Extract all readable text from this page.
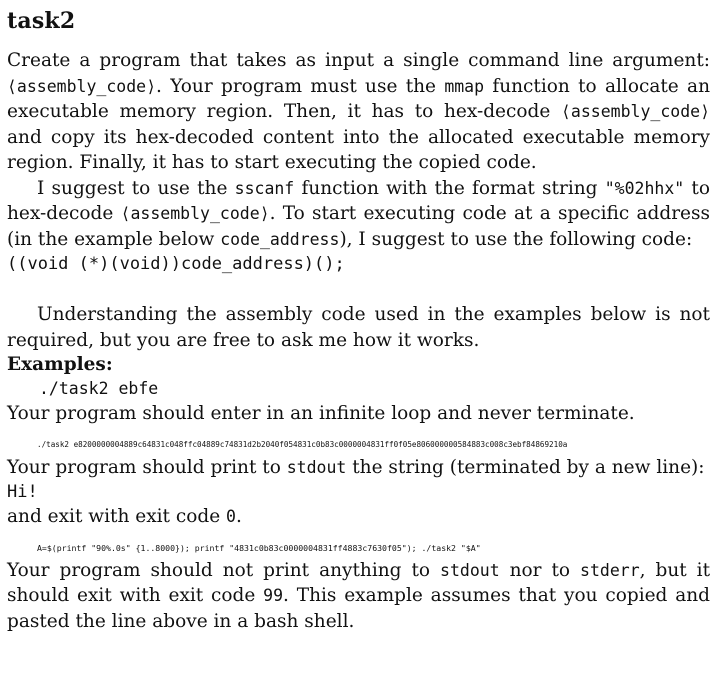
task2

Create a program that takes as input a single command line argument: ⟨assembly_code⟩. Your program must use the mmap function to allocate an executable memory region. Then, it has to hex-decode ⟨assembly_code⟩ and copy its hex-decoded content into the allocated executable memory region. Finally, it has to start executing the copied code.

I suggest to use the sscanf function with the format string "%02hhx" to hex-decode ⟨assembly_code⟩. To start executing code at a specific address (in the example below code_address), I suggest to use the following code:

((void (*)(void))code_address)();

Understanding the assembly code used in the examples below is not required, but you are free to ask me how it works.

Examples:

./task2 ebfe

Your program should enter in an infinite loop and never terminate.

./task2 e8200000004889c64831c048ffc04889c74831d2b2040f054831c0b83c0000004831ff0f05e806000000584883c008c3ebf84869210a

Your program should print to stdout the string (terminated by a new line):

Hi!

and exit with exit code 0.

A=$(printf "90%.0s" {1..8000}); printf "4831c0b83c0000004831ff4883c7630f05"); ./task2 "$A"

Your program should not print anything to stdout nor to stderr, but it should exit with exit code 99. This example assumes that you copied and pasted the line above in a bash shell.
